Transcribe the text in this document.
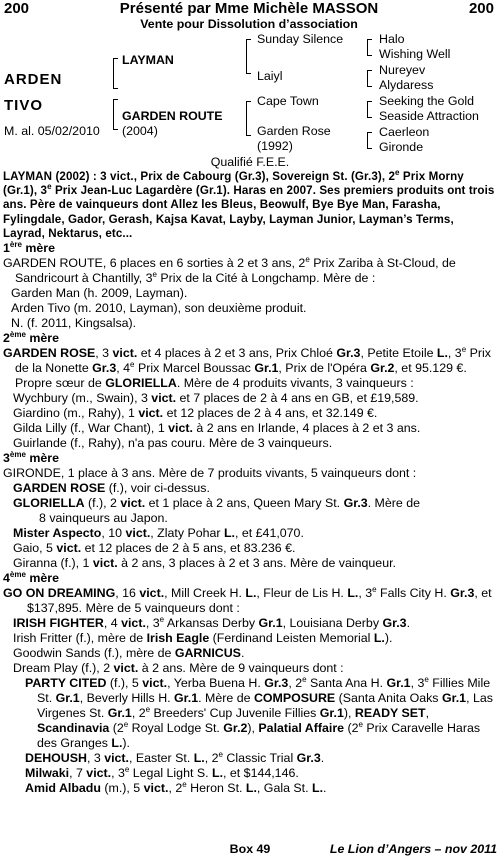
200	Présenté par Mme Michèle MASSON	200
Vente pour Dissolution d’association
ARDEN
TIVO
M. al. 05/02/2010
LAYMAN
GARDEN ROUTE
(2004)
Sunday Silence
Laiyl
Cape Town
Garden Rose
(1992)
Halo
Wishing Well
Nureyev
Alydaress
Seeking the Gold
Seaside Attraction
Caerleon
Gironde
Qualifié F.E.E.

LAYMAN (2002) : 3 vict., Prix de Cabourg (Gr.3), Sovereign St. (Gr.3), 2e Prix Morny (Gr.1), 3e Prix Jean-Luc Lagardère (Gr.1). Haras en 2007. Ses premiers produits ont trois ans. Père de vainqueurs dont Allez les Bleus, Beowulf, Bye Bye Man, Farasha, Fylingdale, Gador, Gerash, Kajsa Kavat, Layby, Layman Junior, Layman’s Terms, Layrad, Nektarus, etc...

1ère mère

GARDEN ROUTE, 6 places en 6 sorties à 2 et 3 ans, 2e Prix Zariba à St-Cloud, de Sandricourt à Chantilly, 3e Prix de la Cité à Longchamp. Mère de :

Garden Man (h. 2009, Layman).

Arden Tivo (m. 2010, Layman), son deuxième produit.

N. (f. 2011, Kingsalsa).

2ème mère

GARDEN ROSE, 3 vict. et 4 places à 2 et 3 ans, Prix Chloé Gr.3, Petite Etoile L., 3e Prix de la Nonette Gr.3, 4e Prix Marcel Boussac Gr.1, Prix de l'Opéra Gr.2, et 95.129 €. Propre sœur de GLORIELLA. Mère de 4 produits vivants, 3 vainqueurs :

Wychbury (m., Swain), 3 vict. et 7 places de 2 à 4 ans en GB, et £19,589.

Giardino (m., Rahy), 1 vict. et 12 places de 2 à 4 ans, et 32.149 €.

Gilda Lilly (f., War Chant), 1 vict. à 2 ans en Irlande, 4 places à 2 et 3 ans.

Guirlande (f., Rahy), n'a pas couru. Mère de 3 vainqueurs.

3ème mère

GIRONDE, 1 place à 3 ans. Mère de 7 produits vivants, 5 vainqueurs dont :

GARDEN ROSE (f.), voir ci-dessus.

GLORIELLA (f.), 2 vict. et 1 place à 2 ans, Queen Mary St. Gr.3. Mère de

8 vainqueurs au Japon.

Mister Aspecto, 10 vict., Zlaty Pohar L., et £41,070.

Gaio, 5 vict. et 12 places de 2 à 5 ans, et 83.236 €.

Giranna (f.), 1 vict. à 2 ans, 3 places à 2 et 3 ans. Mère de vainqueur.

4ème mère

GO ON DREAMING, 16 vict., Mill Creek H. L., Fleur de Lis H. L., 3e Falls City H. Gr.3, et $137,895. Mère de 5 vainqueurs dont :

IRISH FIGHTER, 4 vict., 3e Arkansas Derby Gr.1, Louisiana Derby Gr.3.

Irish Fritter (f.), mère de Irish Eagle (Ferdinand Leisten Memorial L.).

Goodwin Sands (f.), mère de GARNICUS.

Dream Play (f.), 2 vict. à 2 ans. Mère de 9 vainqueurs dont :

PARTY CITED (f.), 5 vict., Yerba Buena H. Gr.3, 2e Santa Ana H. Gr.1, 3e Fillies Mile St. Gr.1, Beverly Hills H. Gr.1. Mère de COMPOSURE (Santa Anita Oaks Gr.1, Las Virgenes St. Gr.1, 2e Breeders' Cup Juvenile Fillies Gr.1), READY SET, Scandinavia (2e Royal Lodge St. Gr.2), Palatial Affaire (2e Prix Caravelle Haras des Granges L.).

DEHOUSH, 3 vict., Easter St. L., 2e Classic Trial Gr.3.

Milwaki, 7 vict., 3e Legal Light S. L., et $144,146.

Amid Albadu (m.), 5 vict., 2e Heron St. L., Gala St. L..

Box 49	Le Lion d’Angers – nov 2011
